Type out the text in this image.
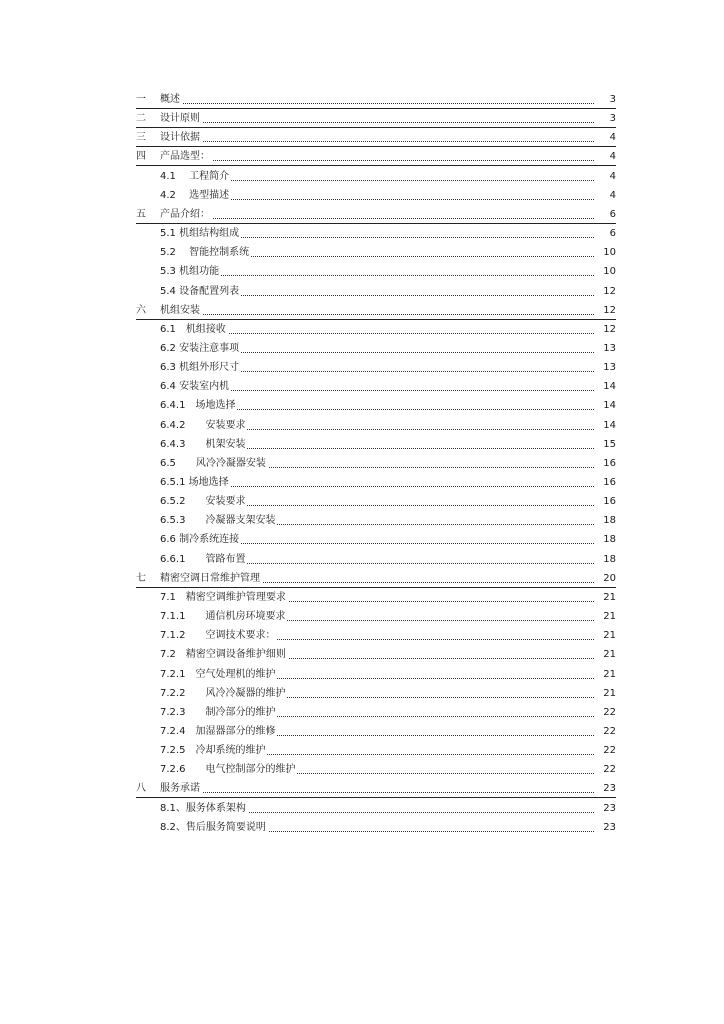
一 概述	3
二 设计原则	3
三 设计依据	4
四 产品选型：	4
4.1　 工程简介	4
4.2　 选型描述	4
五 产品介绍：	6
5.1 机组结构组成	6
5.2　 智能控制系统	10
5.3 机组功能	10
5.4 设备配置列表	12
六 机组安装	12
6.1　机组接收	12
6.2 安装注意事项	13
6.3 机组外形尺寸	13
6.4 安装室内机	14
6.4.1　场地选择	14
6.4.2　　安装要求	14
6.4.3　　机架安装	15
6.5　　风冷冷凝器安装	16
6.5.1 场地选择	16
6.5.2　　安装要求	16
6.5.3　　冷凝器支架安装	18
6.6 制冷系统连接	18
6.6.1　　管路布置	18
七 精密空调日常维护管理	20
7.1　精密空调维护管理要求	21
7.1.1　　通信机房环境要求	21
7.1.2　　空调技术要求：	21
7.2　精密空调设备维护细则	21
7.2.1　空气处理机的维护	21
7.2.2　　风冷冷凝器的维护	21
7.2.3　　制冷部分的维护	22
7.2.4　加湿器部分的维修	22
7.2.5　冷却系统的维护	22
7.2.6　　电气控制部分的维护	22
八 服务承诺	23
8.1、服务体系架构	23
8.2、售后服务简要说明	23
